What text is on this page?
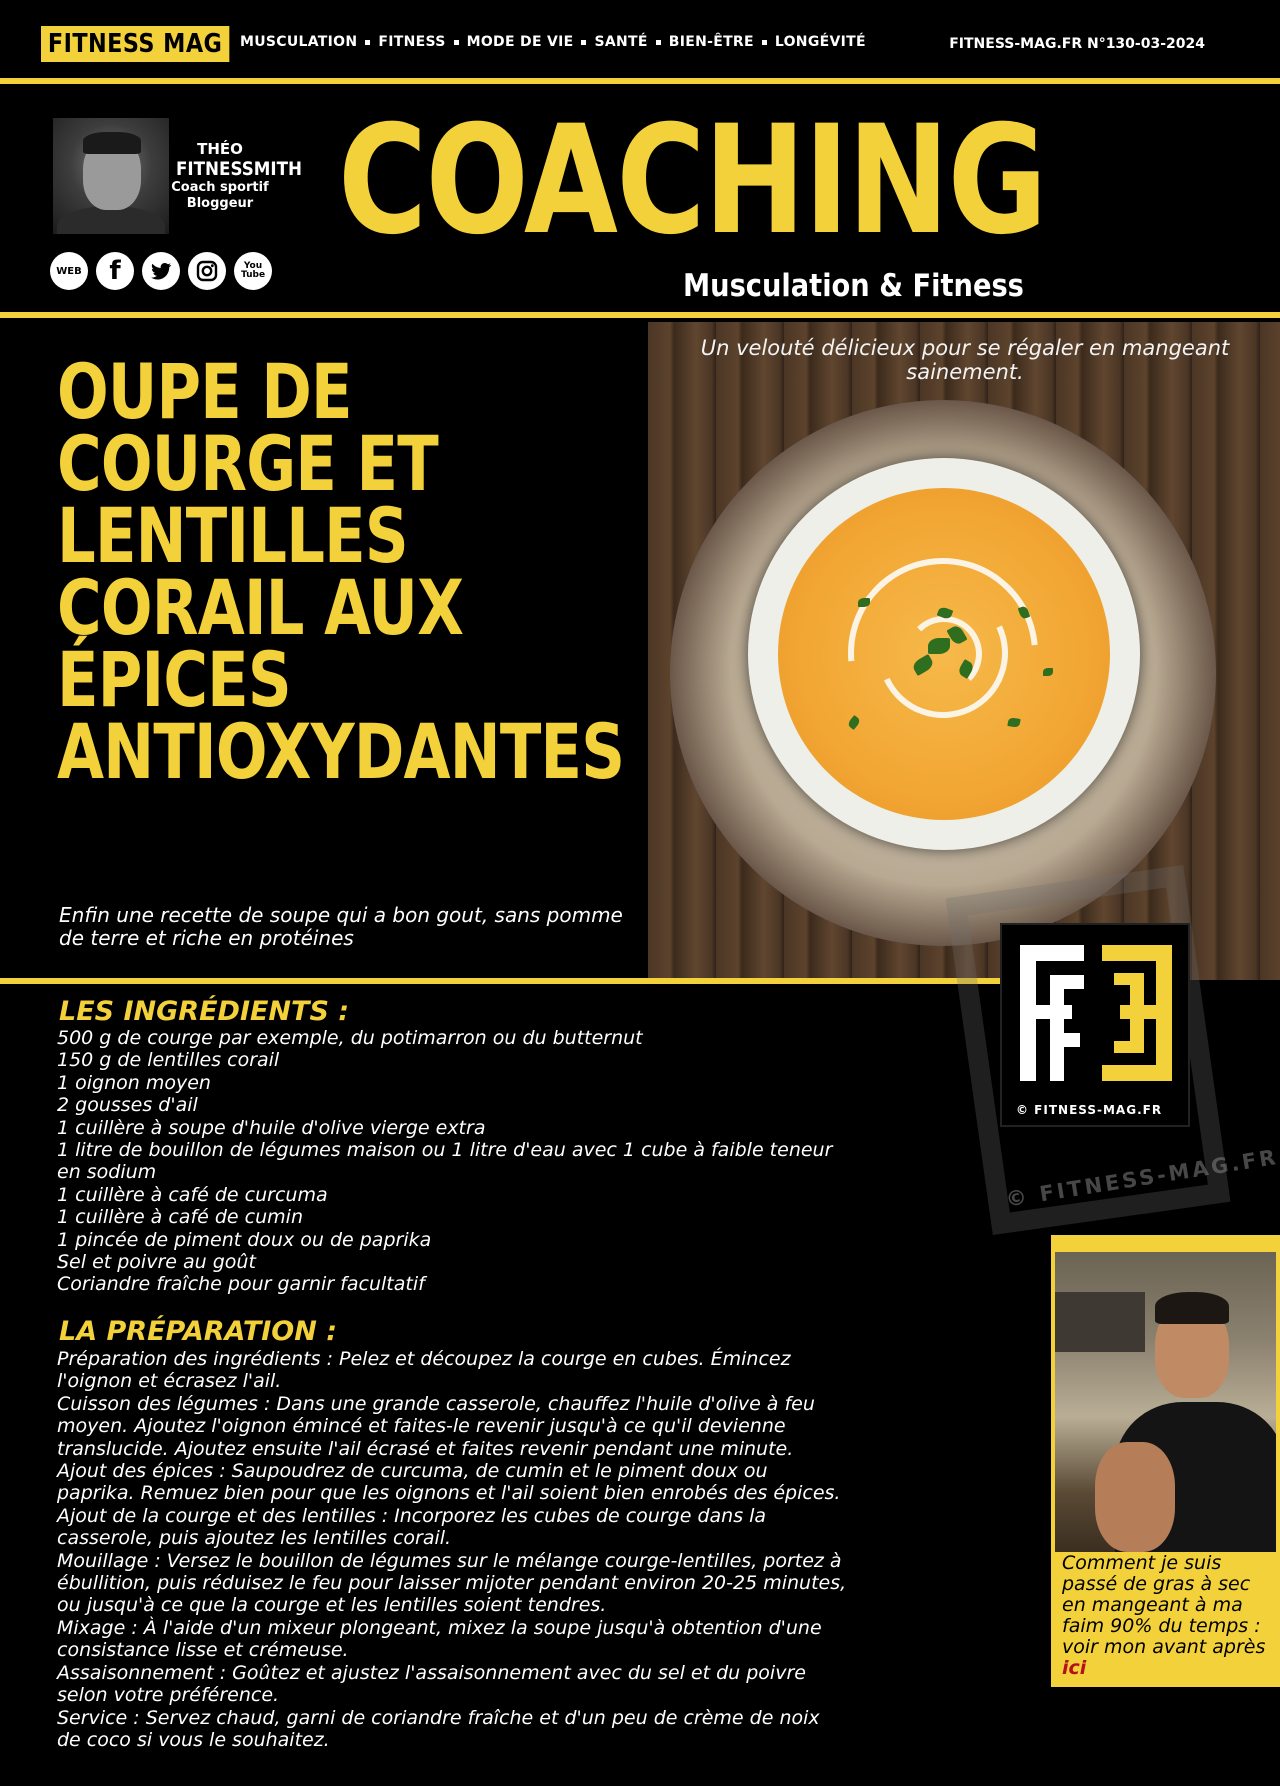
FITNESS MAG	MUSCULATION FITNESS MODE DE VIE SANTÉ BIEN-ÊTRE LONGÉVITÉ	FITNESS-MAG.FR N°130-03-2024
THÉO
FITNESSMITH
Coach sportif
Bloggeur
WEB	f	You
Tube
COACHING
Musculation & Fitness
Un velouté délicieux pour se régaler en mangeant sainement.
OUPE DE
COURGE ET
LENTILLES
CORAIL AUX
ÉPICES
ANTIOXYDANTES
Enfin une recette de soupe qui a bon gout, sans pomme de terre et riche en protéines
© FITNESS-MAG.FR
© FITNESS-MAG.FR
LES INGRÉDIENTS :
500 g de courge par exemple, du potimarron ou du butternut
150 g de lentilles corail
1 oignon moyen
2 gousses d'ail
1 cuillère à soupe d'huile d'olive vierge extra
1 litre de bouillon de légumes maison ou 1 litre d'eau avec 1 cube à faible teneur
en sodium
1 cuillère à café de curcuma
1 cuillère à café de cumin
1 pincée de piment doux ou de paprika
Sel et poivre au goût
Coriandre fraîche pour garnir facultatif
LA PRÉPARATION :
Préparation des ingrédients : Pelez et découpez la courge en cubes. Émincez
l'oignon et écrasez l'ail.
Cuisson des légumes : Dans une grande casserole, chauffez l'huile d'olive à feu
moyen. Ajoutez l'oignon émincé et faites-le revenir jusqu'à ce qu'il devienne
translucide. Ajoutez ensuite l'ail écrasé et faites revenir pendant une minute.
Ajout des épices : Saupoudrez de curcuma, de cumin et le piment doux ou
paprika. Remuez bien pour que les oignons et l'ail soient bien enrobés des épices.
Ajout de la courge et des lentilles : Incorporez les cubes de courge dans la
casserole, puis ajoutez les lentilles corail.
Mouillage : Versez le bouillon de légumes sur le mélange courge-lentilles, portez à
ébullition, puis réduisez le feu pour laisser mijoter pendant environ 20-25 minutes,
ou jusqu'à ce que la courge et les lentilles soient tendres.
Mixage : À l'aide d'un mixeur plongeant, mixez la soupe jusqu'à obtention d'une
consistance lisse et crémeuse.
Assaisonnement : Goûtez et ajustez l'assaisonnement avec du sel et du poivre
selon votre préférence.
Service : Servez chaud, garni de coriandre fraîche et d'un peu de crème de noix
de coco si vous le souhaitez.
Comment je suis passé de gras à sec en mangeant à ma faim 90% du temps : voir mon avant après ici
